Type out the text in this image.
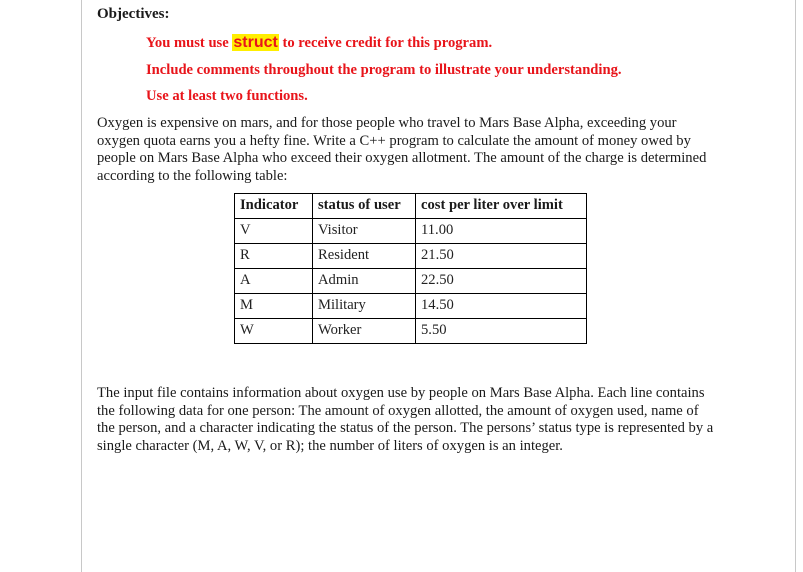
Objectives:
You must use struct to receive credit for this program.
Include comments throughout the program to illustrate your understanding.
Use at least two functions.
Oxygen is expensive on mars, and for those people who travel to Mars Base Alpha, exceeding your oxygen quota earns you a hefty fine. Write a C++ program to calculate the amount of money owed by people on Mars Base Alpha who exceed their oxygen allotment. The amount of the charge is determined according to the following table:
Indicator	status of user	cost per liter over limit
V	Visitor	11.00
R	Resident	21.50
A	Admin	22.50
M	Military	14.50
W	Worker	5.50
The input file contains information about oxygen use by people on Mars Base Alpha. Each line contains the following data for one person: The amount of oxygen allotted, the amount of oxygen used, name of the person, and a character indicating the status of the person. The persons’ status type is represented by a single character (M, A, W, V, or R); the number of liters of oxygen is an integer.
